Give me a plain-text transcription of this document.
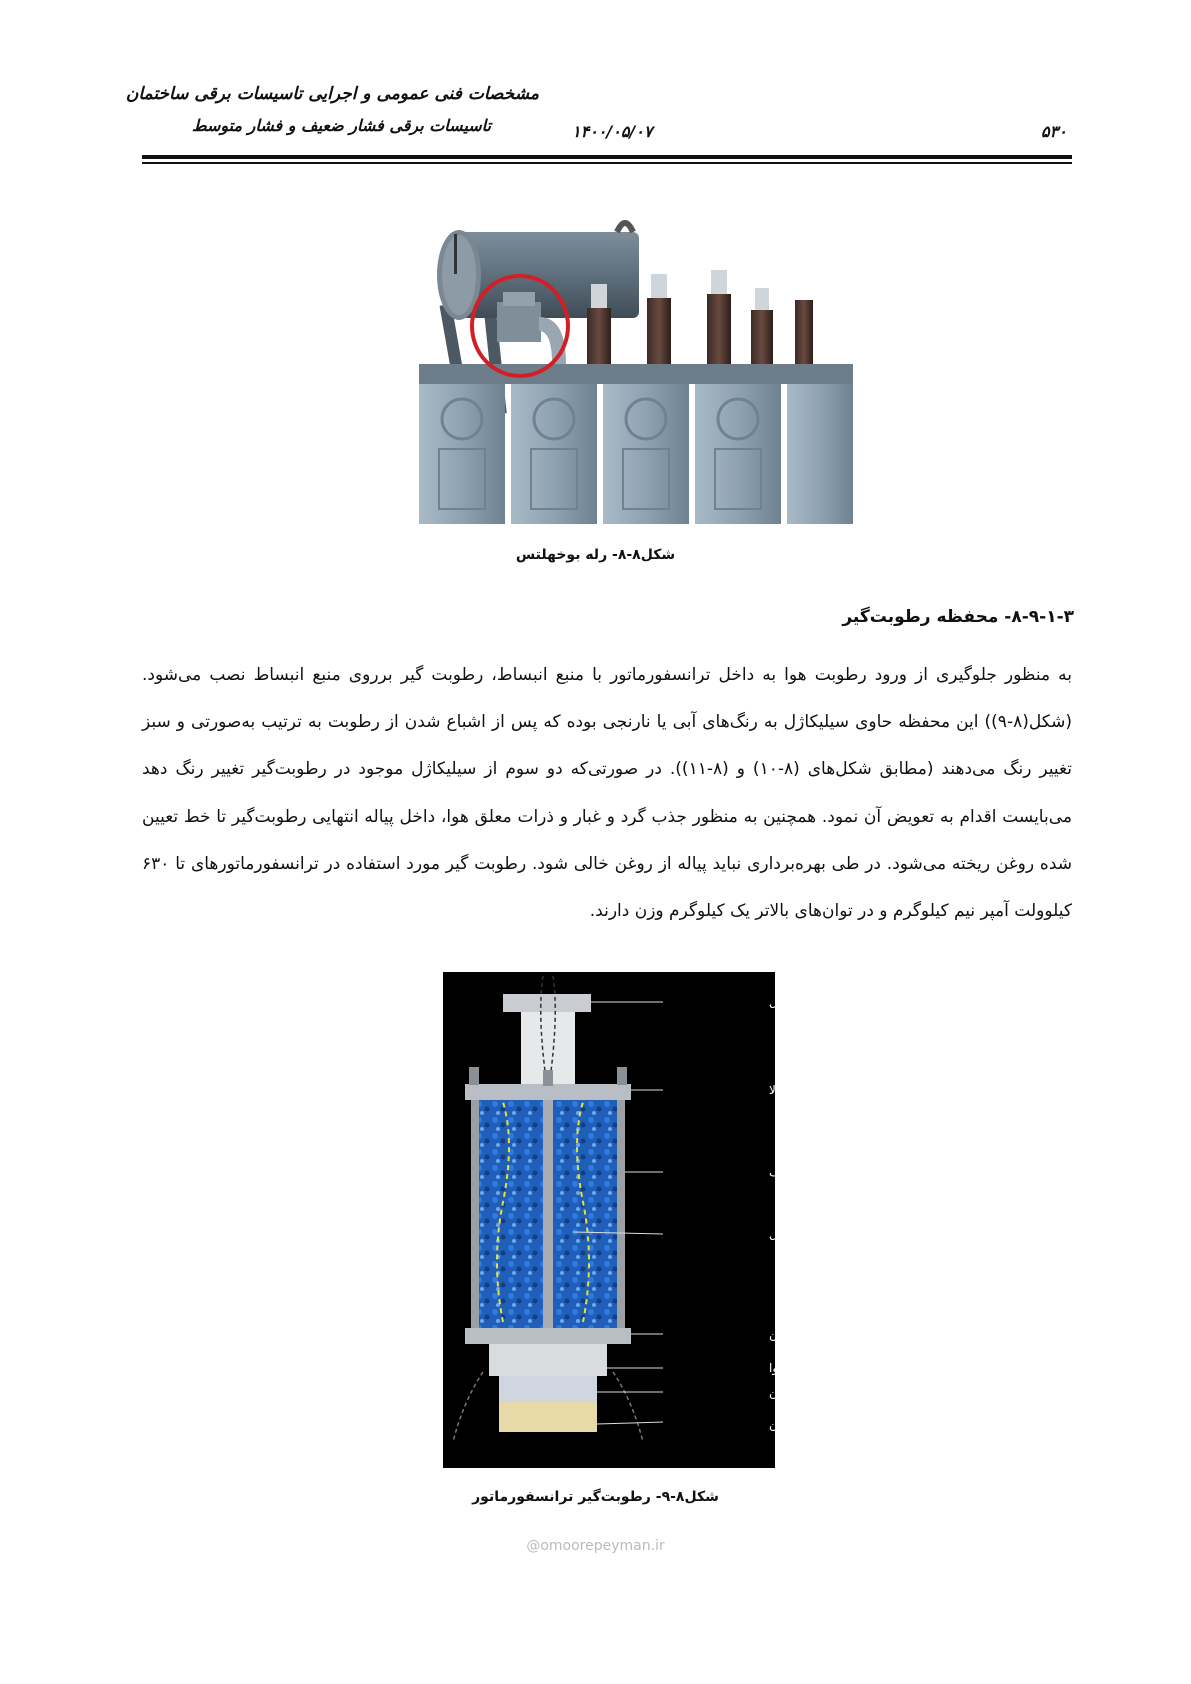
مشخصات فنی عمومی و اجرایی تاسیسات برقی ساختمان
تاسیسات برقی فشار ضعیف و فشار متوسط	۱۴۰۰/۰۵/۰۷	۵۳۰
شکل۸-۸- رله بوخهلتس
۸-۹-۱-۳- محفظه رطوبت‌گیر
به منظور جلوگیری از ورود رطوبت هوا به داخل ترانسفورماتور با منبع انبساط، رطوبت گیر برروی منبع انبساط نصب می‌شود. (شکل(۸-۹)) این محفظه حاوی سیلیکاژل به رنگ‌های آبی یا نارنجی بوده که پس از اشباع شدن از رطوبت به ترتیب به‌صورتی و سبز تغییر رنگ می‌دهند (مطابق شکل‌های (۸-۱۰) و (۸-۱۱)). در صورتی‌که دو سوم از سیلیکاژل موجود در رطوبت‌گیر تغییر رنگ دهد می‌بایست اقدام به تعویض آن نمود. همچنین به منظور جذب گرد و غبار و ذرات معلق هوا، داخل پیاله انتهایی رطوبت‌گیر تا خط تعیین شده روغن ریخته می‌شود. در طی بهره‌برداری نباید پیاله از روغن خالی شود. رطوبت گیر مورد استفاده در ترانسفورماتورهای تا ۶۳۰ کیلوولت آمپر نیم کیلوگرم و در توان‌های بالاتر یک کیلوگرم وزن دارند.
پیچ اتصال
دریچه بالا
محفظه شفاف
سیلیکا ژل
دریچه پایین
محل ورود هوا
روغن
پیاله روغن
شکل۸-۹- رطوبت‌گیر ترانسفورماتور
@omoorepeyman.ir
